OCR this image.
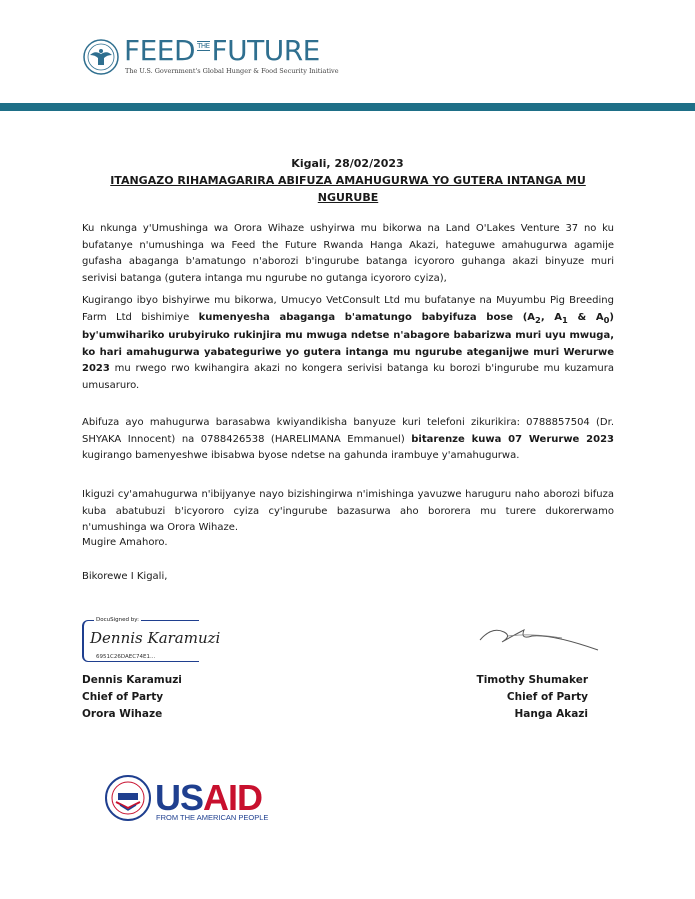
FEED THEFUTURE
The U.S. Government's Global Hunger & Food Security Initiative
Kigali, 28/02/2023
ITANGAZO RIHAMAGARIRA ABIFUZA AMAHUGURWA YO GUTERA INTANGA MU NGURUBE
Ku nkunga y'Umushinga wa Orora Wihaze ushyirwa mu bikorwa na Land O'Lakes Venture 37 no ku bufatanye n'umushinga wa Feed the Future Rwanda Hanga Akazi, hateguwe amahugurwa agamije gufasha abaganga b'amatungo n'aborozi b'ingurube batanga icyororo guhanga akazi binyuze muri serivisi batanga (gutera intanga mu ngurube no gutanga icyororo cyiza),
Kugirango ibyo bishyirwe mu bikorwa, Umucyo VetConsult Ltd mu bufatanye na Muyumbu Pig Breeding Farm Ltd bishimiye kumenyesha abaganga b'amatungo babyifuza bose ($A_2$, $A_1$ & $A_0$) by'umwihariko urubyiruko rukinjira mu mwuga ndetse n'abagore babarizwa muri uyu mwuga, ko hari amahugurwa yabateguriwe yo gutera intanga mu ngurube ateganijwe muri Werurwe 2023 mu rwego rwo kwihangira akazi no kongera serivisi batanga ku borozi b'ingurube mu kuzamura umusaruro.
Abifuza ayo mahugurwa barasabwa kwiyandikisha banyuze kuri telefoni zikurikira: 0788857504 (Dr. SHYAKA Innocent) na 0788426538 (HARELIMANA Emmanuel) bitarenze kuwa 07 Werurwe 2023 kugirango bamenyeshwe ibisabwa byose ndetse na gahunda irambuye y'amahugurwa.
Ikiguzi cy'amahugurwa n'ibijyanye nayo bizishingirwa n'imishinga yavuzwe haruguru naho aborozi bifuza kuba abatubuzi b'icyororo cyiza cy'ingurube bazasurwa aho bororera mu turere dukorerwamo n'umushinga wa Orora Wihaze.
Mugire Amahoro.
Bikorewe I Kigali,
DocuSigned by:
Dennis Karamuzi
6951C26DAEC74E1...
Dennis Karamuzi
Chief of Party
Orora Wihaze
Timothy Shumaker
Chief of Party
Hanga Akazi
USAID
FROM THE AMERICAN PEOPLE
